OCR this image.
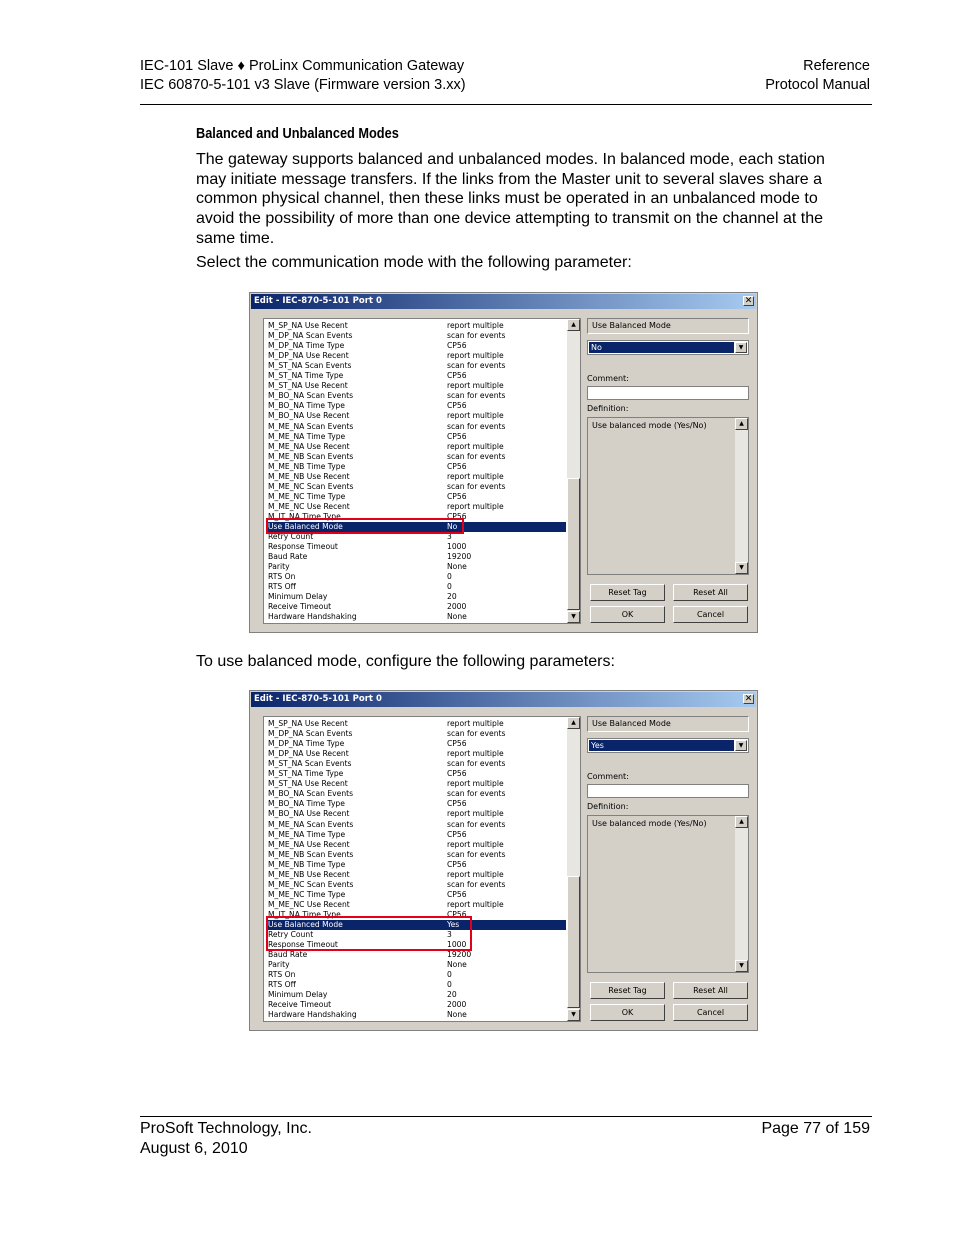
IEC-101 Slave ♦ ProLinx Communication Gateway
IEC 60870-5-101 v3 Slave (Firmware version 3.xx)
Reference
Protocol Manual
Balanced and Unbalanced Modes
The gateway supports balanced and unbalanced modes. In balanced mode, each station may initiate message transfers. If the links from the Master unit to several slaves share a common physical channel, then these links must be operated in an unbalanced mode to avoid the possibility of more than one device attempting to transmit on the channel at the same time.
Select the communication mode with the following parameter:
Edit - IEC-870-5-101 Port 0	✕
M_SP_NA Use Recent	report multiple
M_DP_NA Scan Events	scan for events
M_DP_NA Time Type	CP56
M_DP_NA Use Recent	report multiple
M_ST_NA Scan Events	scan for events
M_ST_NA Time Type	CP56
M_ST_NA Use Recent	report multiple
M_BO_NA Scan Events	scan for events
M_BO_NA Time Type	CP56
M_BO_NA Use Recent	report multiple
M_ME_NA Scan Events	scan for events
M_ME_NA Time Type	CP56
M_ME_NA Use Recent	report multiple
M_ME_NB Scan Events	scan for events
M_ME_NB Time Type	CP56
M_ME_NB Use Recent	report multiple
M_ME_NC Scan Events	scan for events
M_ME_NC Time Type	CP56
M_ME_NC Use Recent	report multiple
M_IT_NA Time Type	CP56
Use Balanced Mode	No
Retry Count	3
Response Timeout	1000
Baud Rate	19200
Parity	None
RTS On	0
RTS Off	0
Minimum Delay	20
Receive Timeout	2000
Hardware Handshaking	None
▲
▼
Use Balanced Mode
No	▼
Comment:
Definition:
Use balanced mode (Yes/No)	▲
▼
Reset Tag	Reset All
OK	Cancel
To use balanced mode, configure the following parameters:
Edit - IEC-870-5-101 Port 0	✕
M_SP_NA Use Recent	report multiple
M_DP_NA Scan Events	scan for events
M_DP_NA Time Type	CP56
M_DP_NA Use Recent	report multiple
M_ST_NA Scan Events	scan for events
M_ST_NA Time Type	CP56
M_ST_NA Use Recent	report multiple
M_BO_NA Scan Events	scan for events
M_BO_NA Time Type	CP56
M_BO_NA Use Recent	report multiple
M_ME_NA Scan Events	scan for events
M_ME_NA Time Type	CP56
M_ME_NA Use Recent	report multiple
M_ME_NB Scan Events	scan for events
M_ME_NB Time Type	CP56
M_ME_NB Use Recent	report multiple
M_ME_NC Scan Events	scan for events
M_ME_NC Time Type	CP56
M_ME_NC Use Recent	report multiple
M_IT_NA Time Type	CP56
Use Balanced Mode	Yes
Retry Count	3
Response Timeout	1000
Baud Rate	19200
Parity	None
RTS On	0
RTS Off	0
Minimum Delay	20
Receive Timeout	2000
Hardware Handshaking	None
▲
▼
Use Balanced Mode
Yes	▼
Comment:
Definition:
Use balanced mode (Yes/No)	▲
▼
Reset Tag	Reset All
OK	Cancel
ProSoft Technology, Inc.
August 6, 2010
Page 77 of 159
